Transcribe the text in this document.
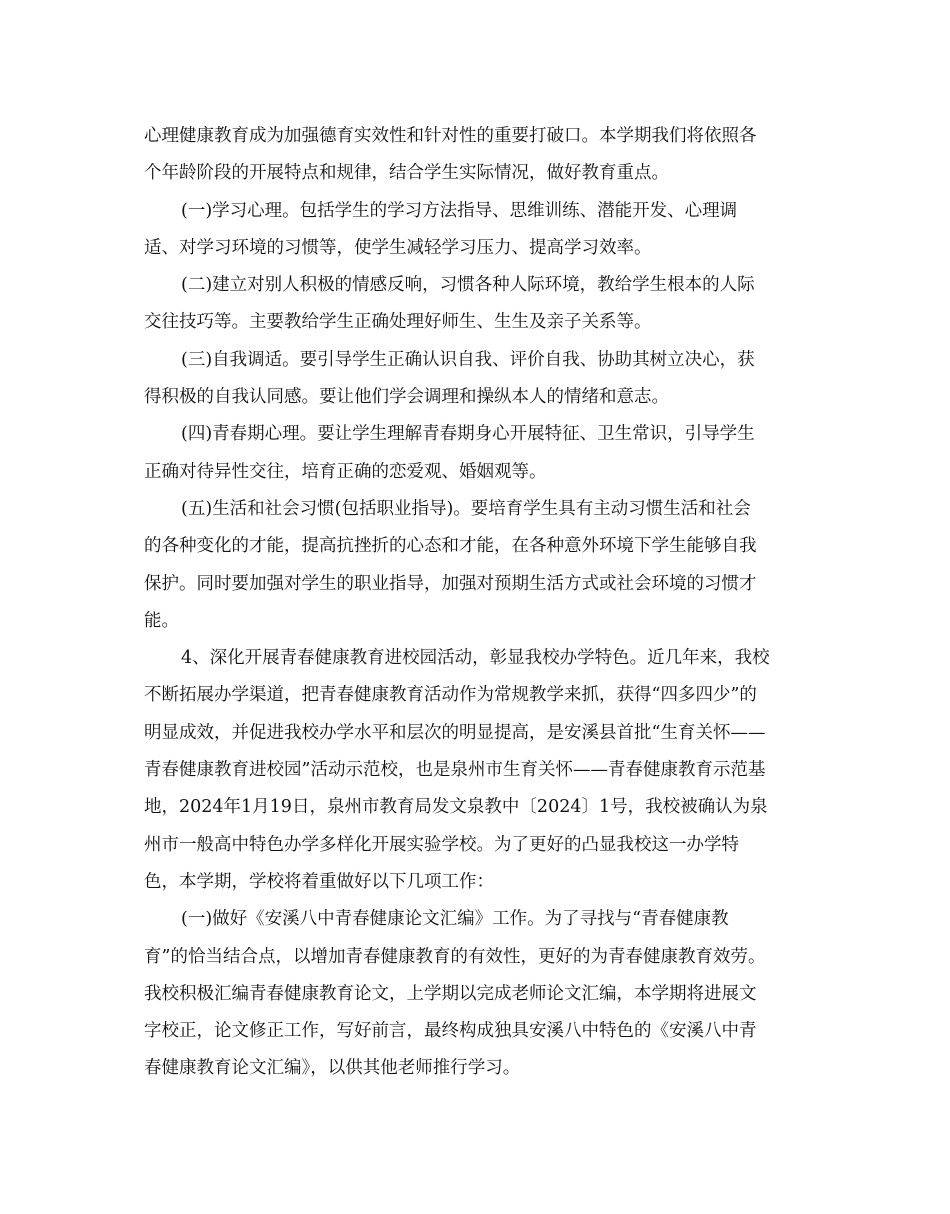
心理健康教育成为加强德育实效性和针对性的重要打破口。本学期我们将依照各
个年龄阶段的开展特点和规律，结合学生实际情况，做好教育重点。
(一)学习心理。包括学生的学习方法指导、思维训练、潜能开发、心理调
适、对学习环境的习惯等，使学生减轻学习压力、提高学习效率。
(二)建立对别人积极的情感反响，习惯各种人际环境，教给学生根本的人际
交往技巧等。主要教给学生正确处理好师生、生生及亲子关系等。
(三)自我调适。要引导学生正确认识自我、评价自我、协助其树立决心，获
得积极的自我认同感。要让他们学会调理和操纵本人的情绪和意志。
(四)青春期心理。要让学生理解青春期身心开展特征、卫生常识，引导学生
正确对待异性交往，培育正确的恋爱观、婚姻观等。
(五)生活和社会习惯(包括职业指导)。要培育学生具有主动习惯生活和社会
的各种变化的才能，提高抗挫折的心态和才能，在各种意外环境下学生能够自我
保护。同时要加强对学生的职业指导，加强对预期生活方式或社会环境的习惯才
能。
4、深化开展青春健康教育进校园活动，彰显我校办学特色。近几年来，我校
不断拓展办学渠道，把青春健康教育活动作为常规教学来抓，获得“四多四少”的
明显成效，并促进我校办学水平和层次的明显提高，是安溪县首批“生育关怀——
青春健康教育进校园”活动示范校，也是泉州市生育关怀——青春健康教育示范基
地，2024年1月19日，泉州市教育局发文泉教中〔2024〕1号，我校被确认为泉
州市一般高中特色办学多样化开展实验学校。为了更好的凸显我校这一办学特
色，本学期，学校将着重做好以下几项工作：
(一)做好《安溪八中青春健康论文汇编》工作。为了寻找与“青春健康教
育”的恰当结合点，以增加青春健康教育的有效性，更好的为青春健康教育效劳。
我校积极汇编青春健康教育论文，上学期以完成老师论文汇编，本学期将进展文
字校正，论文修正工作，写好前言，最终构成独具安溪八中特色的《安溪八中青
春健康教育论文汇编》，以供其他老师推行学习。
